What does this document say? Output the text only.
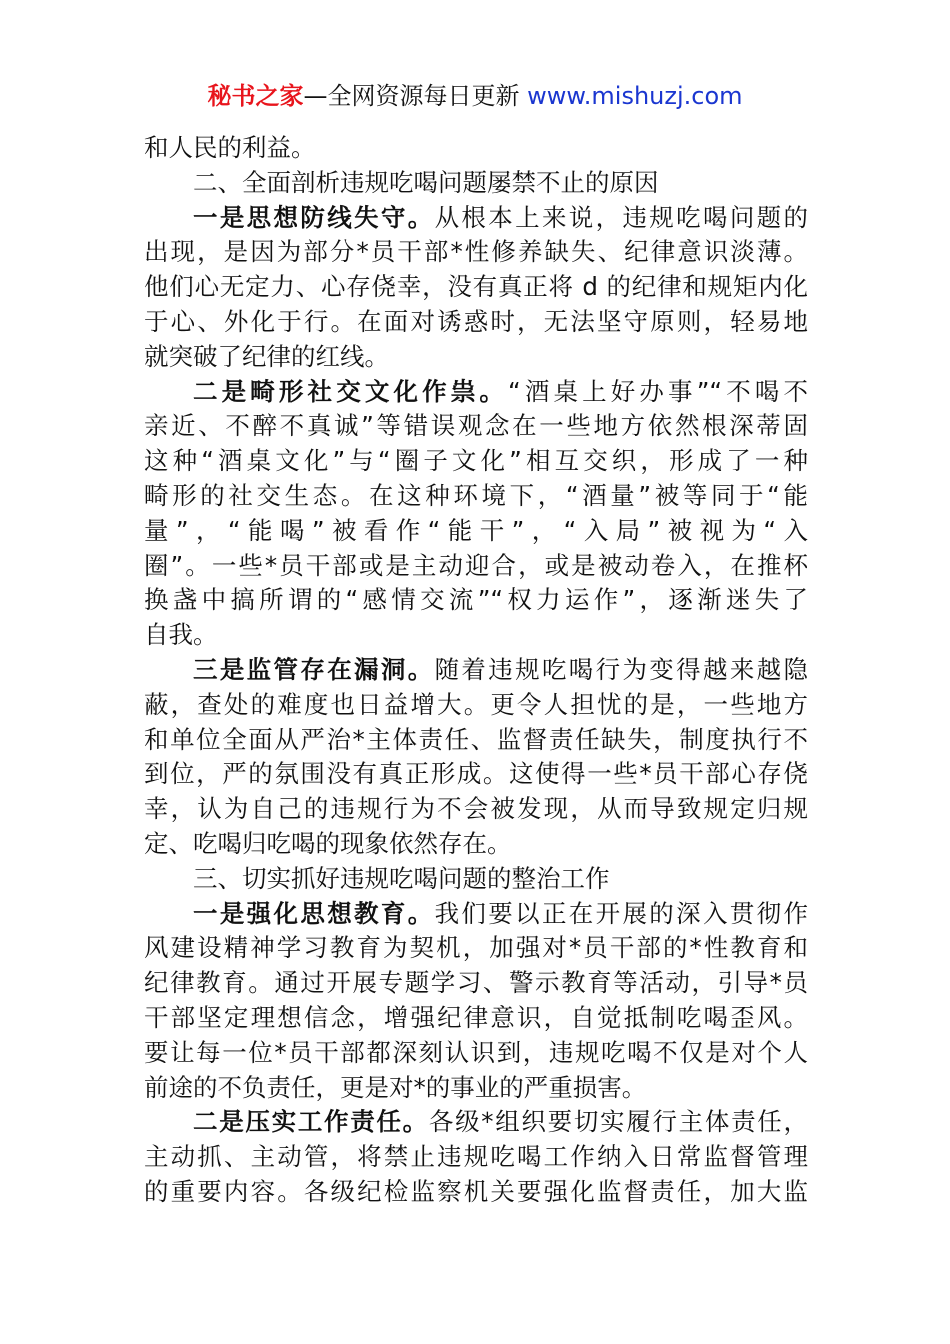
秘书之家—全网资源每日更新 www.mishuzj.com
和人民的利益。
二、全面剖析违规吃喝问题屡禁不止的原因
一是思想防线失守。从根本上来说，违规吃喝问题的
出现，是因为部分*员干部*性修养缺失、纪律意识淡薄。
他们心无定力、心存侥幸，没有真正将 d 的纪律和规矩内化
于心、外化于行。在面对诱惑时，无法坚守原则，轻易地
就突破了纪律的红线。
二是畸形社交文化作祟。“酒桌上好办事”“不喝不
亲近、不醉不真诚”等错误观念在一些地方依然根深蒂固
这种“酒桌文化”与“圈子文化”相互交织，形成了一种
畸形的社交生态。在这种环境下，“酒量”被等同于“能
量”，“能喝”被看作“能干”，“入局”被视为“入
圈”。一些*员干部或是主动迎合，或是被动卷入，在推杯
换盏中搞所谓的“感情交流”“权力运作”，逐渐迷失了
自我。
三是监管存在漏洞。随着违规吃喝行为变得越来越隐
蔽，查处的难度也日益增大。更令人担忧的是，一些地方
和单位全面从严治*主体责任、监督责任缺失，制度执行不
到位，严的氛围没有真正形成。这使得一些*员干部心存侥
幸，认为自己的违规行为不会被发现，从而导致规定归规
定、吃喝归吃喝的现象依然存在。
三、切实抓好违规吃喝问题的整治工作
一是强化思想教育。我们要以正在开展的深入贯彻作
风建设精神学习教育为契机，加强对*员干部的*性教育和
纪律教育。通过开展专题学习、警示教育等活动，引导*员
干部坚定理想信念，增强纪律意识，自觉抵制吃喝歪风。
要让每一位*员干部都深刻认识到，违规吃喝不仅是对个人
前途的不负责任，更是对*的事业的严重损害。
二是压实工作责任。各级*组织要切实履行主体责任，
主动抓、主动管，将禁止违规吃喝工作纳入日常监督管理
的重要内容。各级纪检监察机关要强化监督责任，加大监
